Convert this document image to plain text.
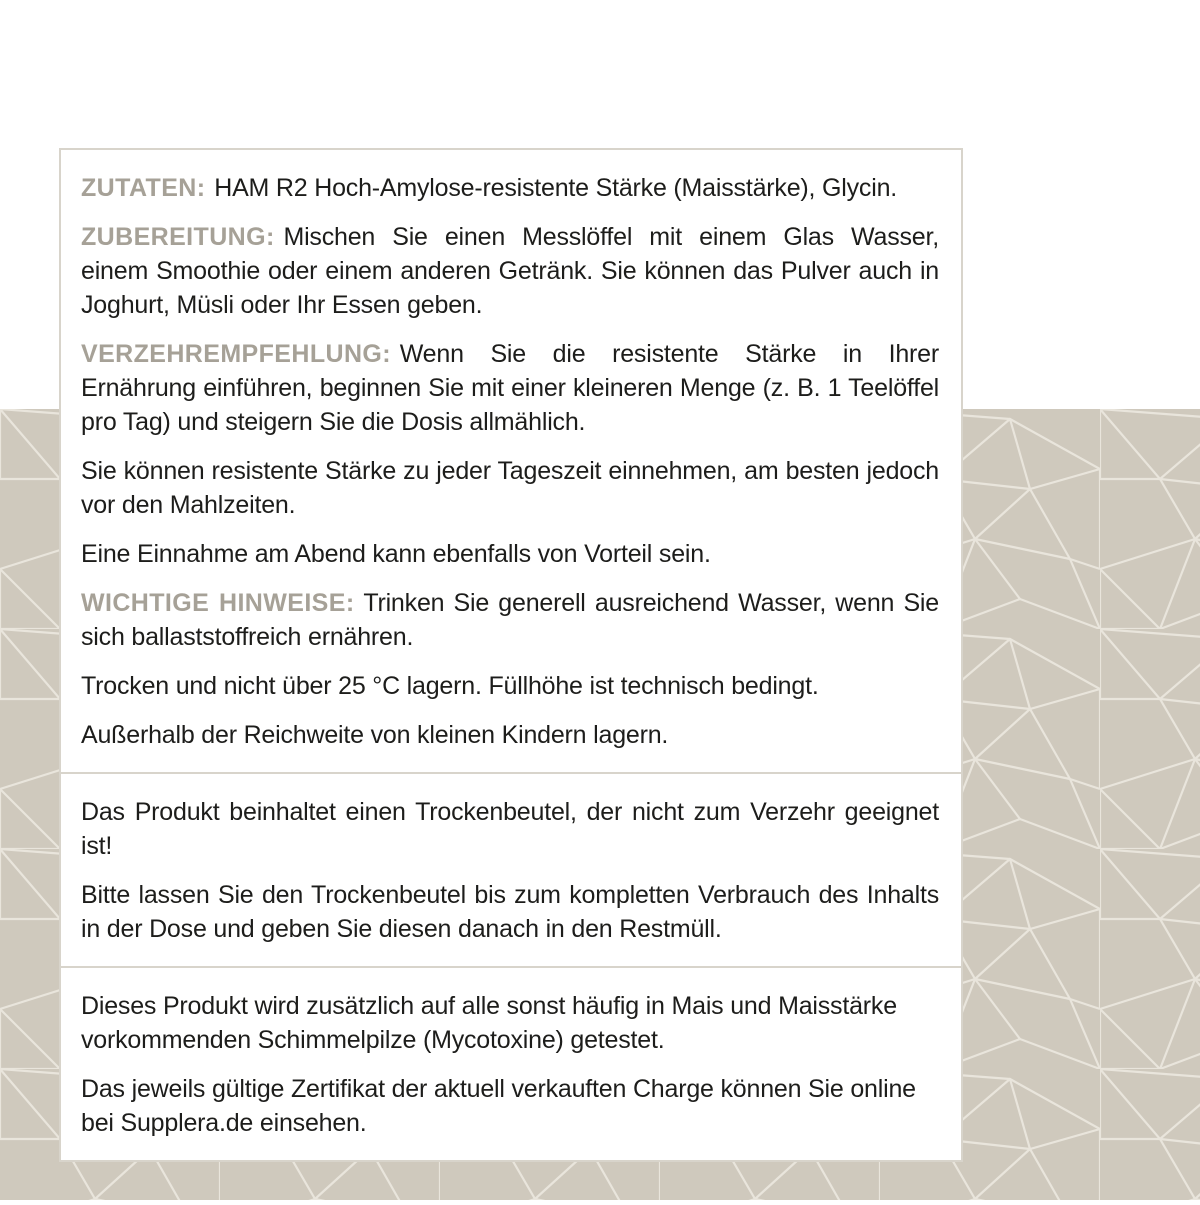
ZUTATEN: HAM R2 Hoch-Amylose-resistente Stärke (Maisstärke), Glycin.

ZUBEREITUNG: Mischen Sie einen Messlöffel mit einem Glas Wasser, einem Smoothie oder einem anderen Getränk. Sie können das Pulver auch in Joghurt, Müsli oder Ihr Essen geben.

VERZEHREMPFEHLUNG: Wenn Sie die resistente Stärke in Ihrer Ernährung einführen, beginnen Sie mit einer kleineren Menge (z. B. 1 Teelöffel pro Tag) und steigern Sie die Dosis allmählich.

Sie können resistente Stärke zu jeder Tageszeit einnehmen, am besten jedoch vor den Mahlzeiten.

Eine Einnahme am Abend kann ebenfalls von Vorteil sein.

WICHTIGE HINWEISE: Trinken Sie generell ausreichend Wasser, wenn Sie sich ballaststoffreich ernähren.

Trocken und nicht über 25 °C lagern. Füllhöhe ist technisch bedingt.

Außerhalb der Reichweite von kleinen Kindern lagern.

Das Produkt beinhaltet einen Trockenbeutel, der nicht zum Verzehr geeignet ist!

Bitte lassen Sie den Trockenbeutel bis zum kompletten Verbrauch des Inhalts in der Dose und geben Sie diesen danach in den Restmüll.

Dieses Produkt wird zusätzlich auf alle sonst häufig in Mais und Maisstärke vorkommenden Schimmelpilze (Mycotoxine) getestet.

Das jeweils gültige Zertifikat der aktuell verkauften Charge können Sie online bei Supplera.de einsehen.
